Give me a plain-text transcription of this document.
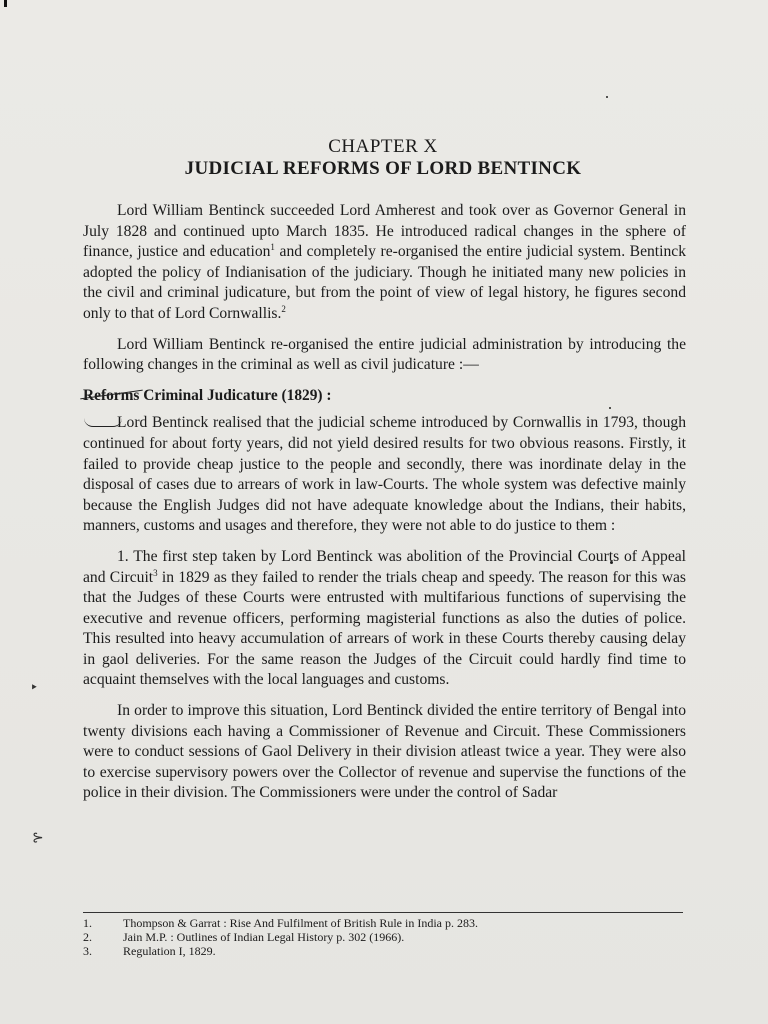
‣
⊱
CHAPTER X
JUDICIAL REFORMS OF LORD BENTINCK

Lord William Bentinck succeeded Lord Amherest and took over as Governor General in July 1828 and continued upto March 1835. He introduced radical changes in the sphere of finance, justice and education$^1$ and completely re-organised the entire judicial system. Bentinck adopted the policy of Indianisation of the judiciary. Though he initiated many new policies in the civil and criminal judicature, but from the point of view of legal history, he figures second only to that of Lord Cornwallis.$^2$

Lord William Bentinck re-organised the entire judicial administration by introducing the following changes in the criminal as well as civil judicature :—

Reforms Criminal Judicature (1829) :

Lord Bentinck realised that the judicial scheme introduced by Cornwallis in 1793, though continued for about forty years, did not yield desired results for two obvious reasons. Firstly, it failed to provide cheap justice to the people and secondly, there was inordinate delay in the disposal of cases due to arrears of work in law-Courts. The whole system was defective mainly because the English Judges did not have adequate knowledge about the Indians, their habits, manners, customs and usages and therefore, they were not able to do justice to them :

1. The first step taken by Lord Bentinck was abolition of the Provincial Courts of Appeal and Circuit$^3$ in 1829 as they failed to render the trials cheap and speedy. The reason for this was that the Judges of these Courts were entrusted with multifarious functions of supervising the executive and revenue officers, performing magisterial functions as also the duties of police. This resulted into heavy accumulation of arrears of work in these Courts thereby causing delay in gaol deliveries. For the same reason the Judges of the Circuit could hardly find time to acquaint themselves with the local languages and customs.

In order to improve this situation, Lord Bentinck divided the entire territory of Bengal into twenty divisions each having a Commissioner of Revenue and Circuit. These Commissioners were to conduct sessions of Gaol Delivery in their division atleast twice a year. They were also to exercise supervisory powers over the Collector of revenue and supervise the functions of the police in their division. The Commissioners were under the control of Sadar

1.	Thompson & Garrat : Rise And Fulfilment of British Rule in India p. 283.
2.	Jain M.P. : Outlines of Indian Legal History p. 302 (1966).
3.	Regulation I, 1829.
